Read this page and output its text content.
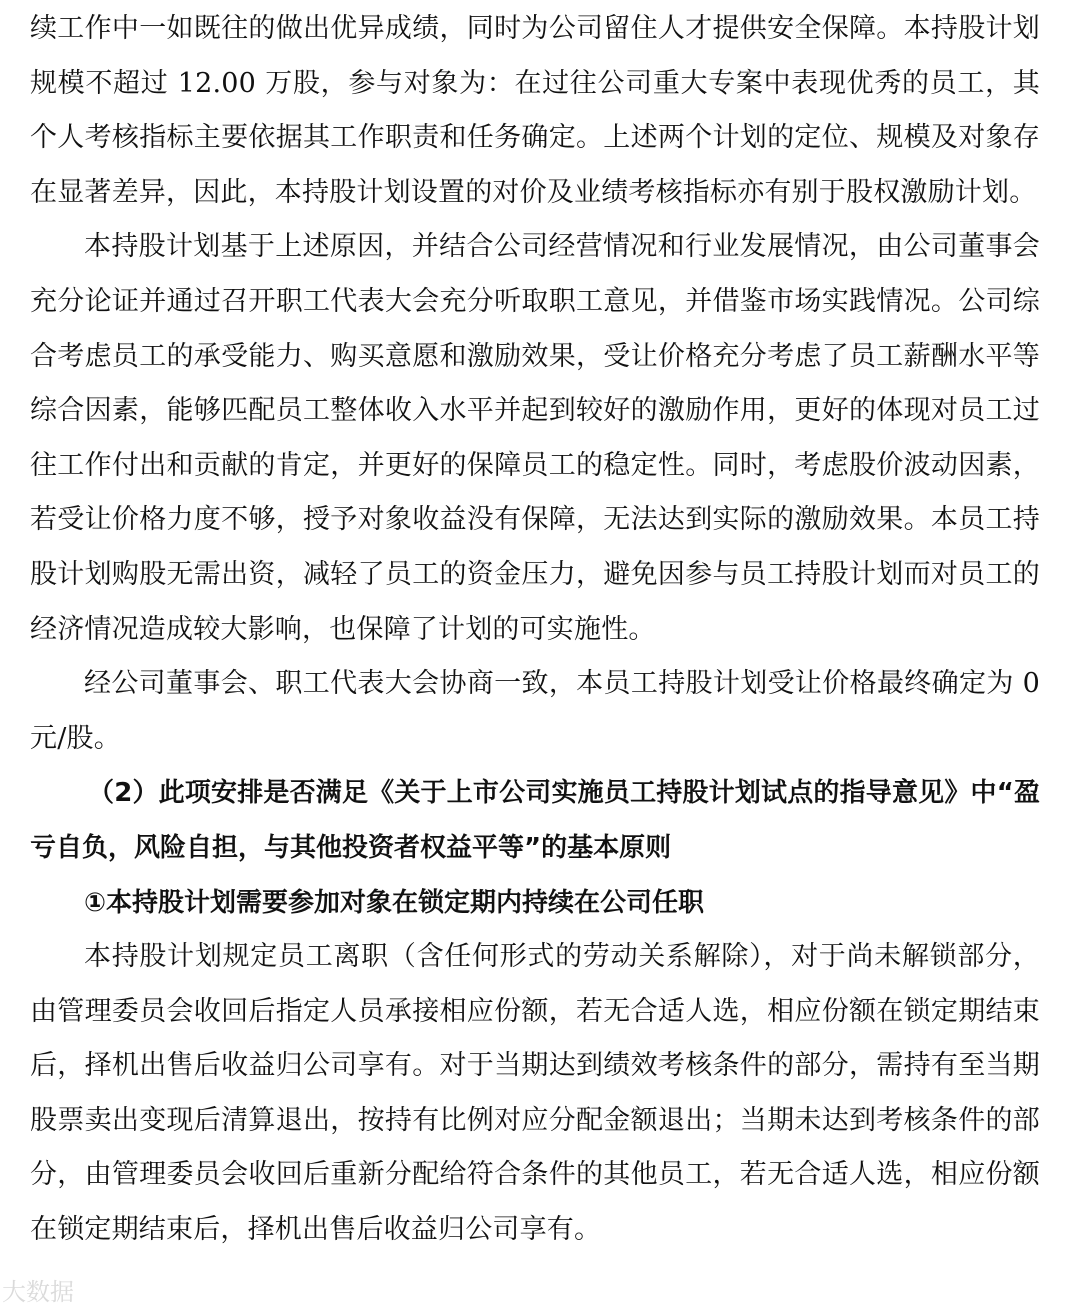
续工作中一如既往的做出优异成绩，同时为公司留住人才提供安全保障。本持股计划规模不超过 12.00 万股，参与对象为：在过往公司重大专案中表现优秀的员工，其个人考核指标主要依据其工作职责和任务确定。上述两个计划的定位、规模及对象存在显著差异，因此，本持股计划设置的对价及业绩考核指标亦有别于股权激励计划。

本持股计划基于上述原因，并结合公司经营情况和行业发展情况，由公司董事会充分论证并通过召开职工代表大会充分听取职工意见，并借鉴市场实践情况。公司综合考虑员工的承受能力、购买意愿和激励效果，受让价格充分考虑了员工薪酬水平等综合因素，能够匹配员工整体收入水平并起到较好的激励作用，更好的体现对员工过往工作付出和贡献的肯定，并更好的保障员工的稳定性。同时，考虑股价波动因素，若受让价格力度不够，授予对象收益没有保障，无法达到实际的激励效果。本员工持股计划购股无需出资，减轻了员工的资金压力，避免因参与员工持股计划而对员工的经济情况造成较大影响，也保障了计划的可实施性。

经公司董事会、职工代表大会协商一致，本员工持股计划受让价格最终确定为 0 元/股。

（2）此项安排是否满足《关于上市公司实施员工持股计划试点的指导意见》中“盈亏自负，风险自担，与其他投资者权益平等”的基本原则

①本持股计划需要参加对象在锁定期内持续在公司任职

本持股计划规定员工离职（含任何形式的劳动关系解除），对于尚未解锁部分，由管理委员会收回后指定人员承接相应份额，若无合适人选，相应份额在锁定期结束后，择机出售后收益归公司享有。对于当期达到绩效考核条件的部分，需持有至当期股票卖出变现后清算退出，按持有比例对应分配金额退出；当期未达到考核条件的部分，由管理委员会收回后重新分配给符合条件的其他员工，若无合适人选，相应份额在锁定期结束后，择机出售后收益归公司享有。

大数据
